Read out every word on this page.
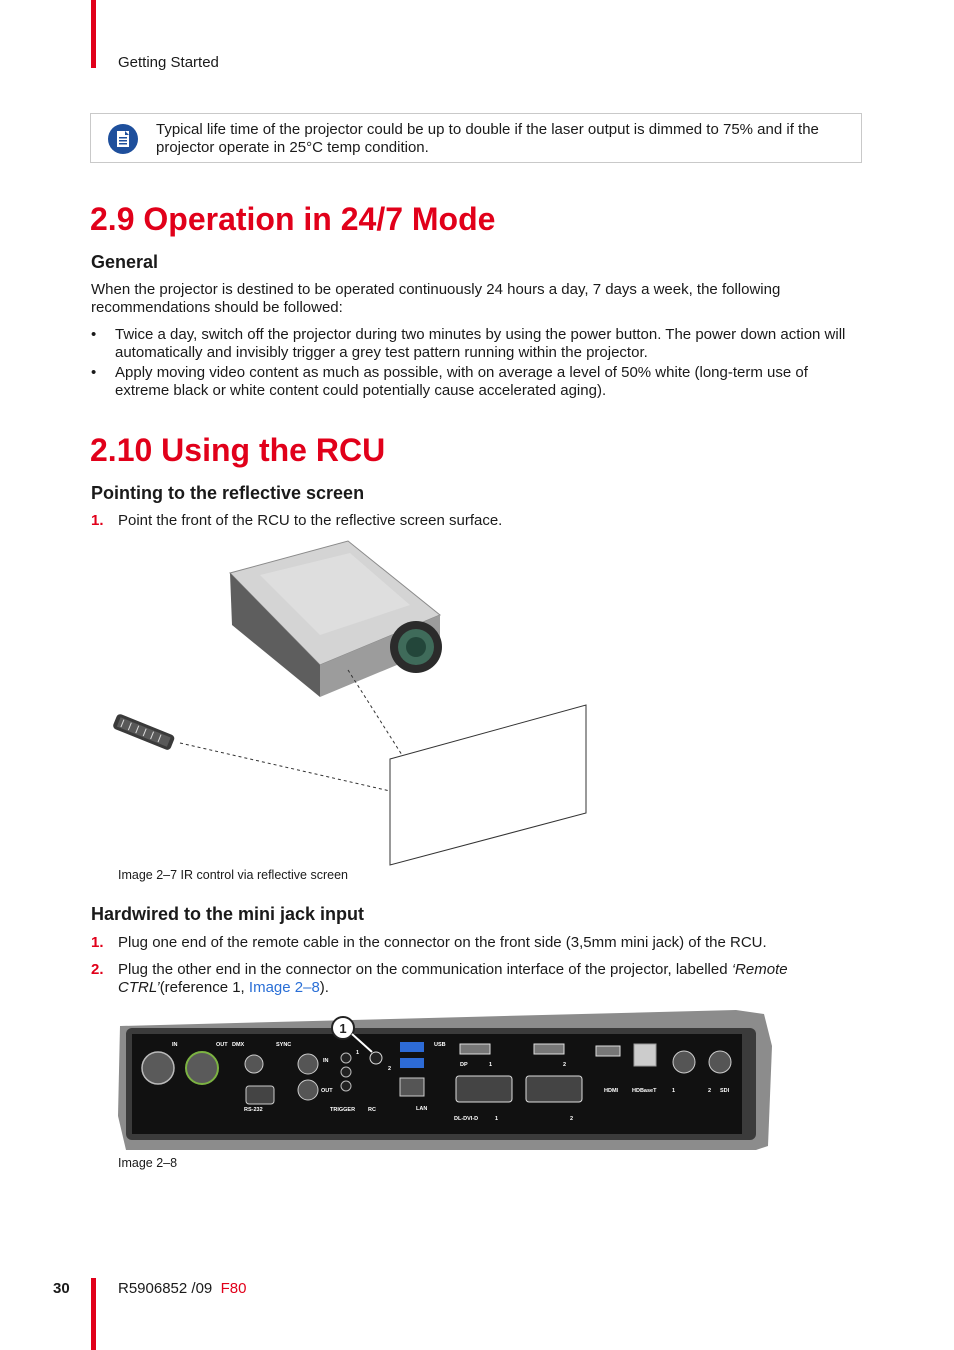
Getting Started
Typical life time of the projector could be up to double if the laser output is dimmed to 75% and if the projector operate in 25°C temp condition.
2.9 Operation in 24/7 Mode
General
When the projector is destined to be operated continuously 24 hours a day, 7 days a week, the following recommendations should be followed:
• Twice a day, switch off the projector during two minutes by using the power button. The power down action will automatically and invisibly trigger a grey test pattern running within the projector.
• Apply moving video content as much as possible, with on average a level of 50% white (long-term use of extreme black or white content could potentially cause accelerated aging).
2.10 Using the RCU
Pointing to the reflective screen
1. Point the front of the RCU to the reflective screen surface.
Image 2–7 IR control via reflective screen
Hardwired to the mini jack input
1. Plug one end of the remote cable in the connector on the front side (3,5mm mini jack) of the RCU.
2. Plug the other end in the connector on the communication interface of the projector, labelled ‘Remote CTRL’(reference 1, Image 2–8).
1
IN	OUT DMX	SYNC
IN
OUT
RS-232	TRIGGER RC
USB
LAN
DP
DL-DVI-D
HDMI	HDBaseT	SDI
1	2
1	2
1	2
1
2
Image 2–8
30	R5906852 /09 F80
